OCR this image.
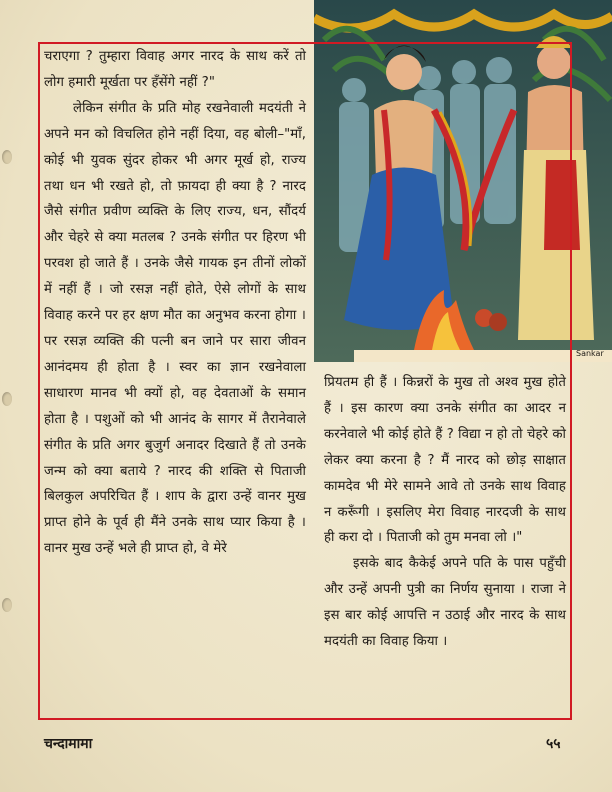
Sankar

चराएगा ? तुम्हारा विवाह अगर नारद के साथ करें तो लोग हमारी मूर्खता पर हँसेंगे नहीं ?"

लेकिन संगीत के प्रति मोह रखनेवाली मदयंती ने अपने मन को विचलित होने नहीं दिया, वह बोली–"माँ, कोई भी युवक सुंदर होकर भी अगर मूर्ख हो, राज्य तथा धन भी रखते हो, तो फ़ायदा ही क्या है ? नारद जैसे संगीत प्रवीण व्यक्ति के लिए राज्य, धन, सौंदर्य और चेहरे से क्या मतलब ? उनके संगीत पर हिरण भी परवश हो जाते हैं । उनके जैसे गायक इन तीनों लोकों में नहीं हैं । जो रसज्ञ नहीं होते, ऐसे लोगों के साथ विवाह करने पर हर क्षण मौत का अनुभव करना होगा । पर रसज्ञ व्यक्ति की पत्नी बन जाने पर सारा जीवन आनंदमय ही होता है । स्वर का ज्ञान रखनेवाला साधारण मानव भी क्यों हो, वह देवताओं के समान होता है । पशुओं को भी आनंद के सागर में तैरानेवाले संगीत के प्रति अगर बुजुर्ग अनादर दिखाते हैं तो उनके जन्म को क्या बताये ? नारद की शक्ति से पिताजी बिलकुल अपरिचित हैं । शाप के द्वारा उन्हें वानर मुख प्राप्त होने के पूर्व ही मैंने उनके साथ प्यार किया है । वानर मुख उन्हें भले ही प्राप्त हो, वे मेरे

प्रियतम ही हैं । किन्नरों के मुख तो अश्व मुख होते हैं । इस कारण क्या उनके संगीत का आदर न करनेवाले भी कोई होते हैं ? विद्या न हो तो चेहरे को लेकर क्या करना है ? मैं नारद को छोड़ साक्षात कामदेव भी मेरे सामने आवे तो उनके साथ विवाह न करूँगी । इसलिए मेरा विवाह नारदजी के साथ ही करा दो । पिताजी को तुम मनवा लो ।"

इसके बाद कैकेई अपने पति के पास पहुँची और उन्हें अपनी पुत्री का निर्णय सुनाया । राजा ने इस बार कोई आपत्ति न उठाई और नारद के साथ मदयंती का विवाह किया ।

चन्दामामा	५५
